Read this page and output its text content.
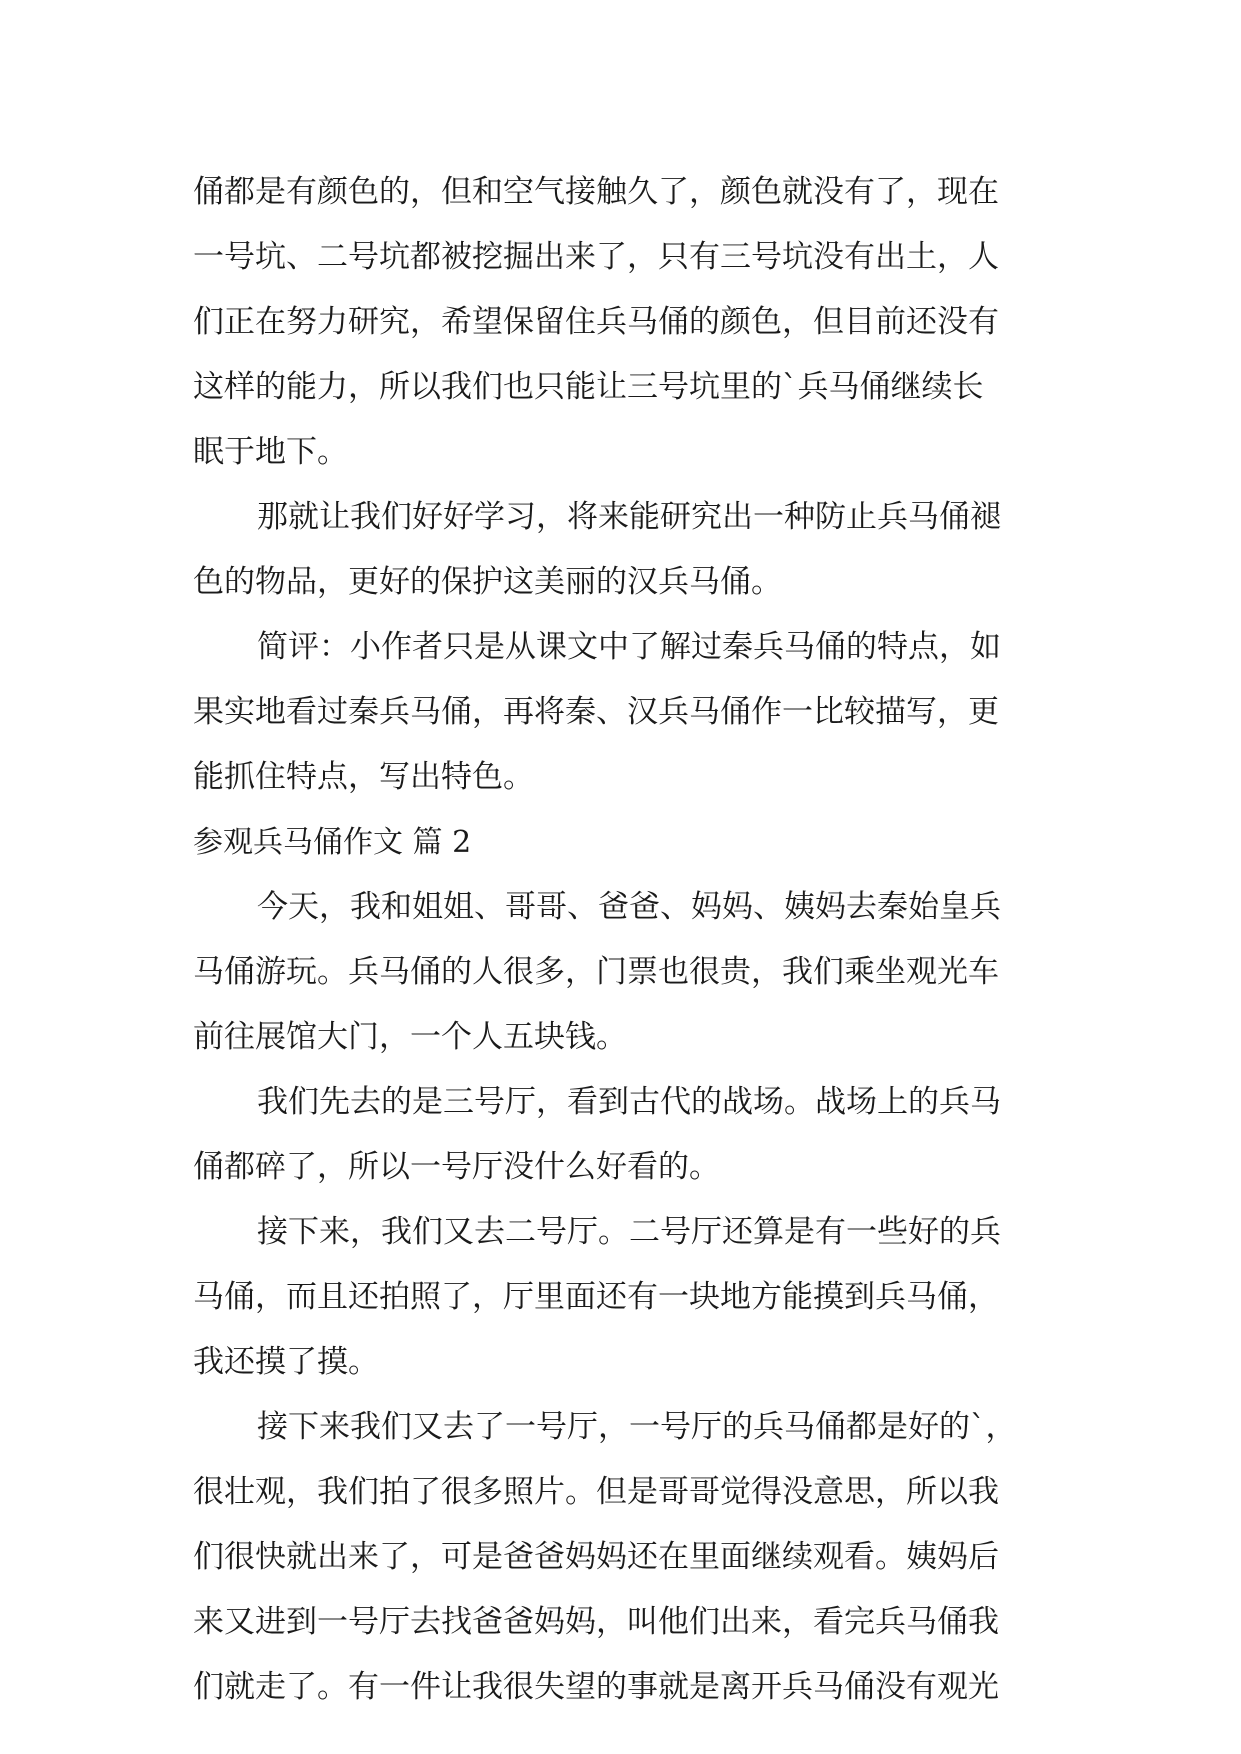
俑都是有颜色的，但和空气接触久了，颜色就没有了，现在
一号坑、二号坑都被挖掘出来了，只有三号坑没有出土，人
们正在努力研究，希望保留住兵马俑的颜色，但目前还没有
这样的能力，所以我们也只能让三号坑里的`兵马俑继续长
眠于地下。
那就让我们好好学习，将来能研究出一种防止兵马俑褪
色的物品，更好的保护这美丽的汉兵马俑。
简评：小作者只是从课文中了解过秦兵马俑的特点，如
果实地看过秦兵马俑，再将秦、汉兵马俑作一比较描写，更
能抓住特点，写出特色。
参观兵马俑作文 篇 2
今天，我和姐姐、哥哥、爸爸、妈妈、姨妈去秦始皇兵
马俑游玩。兵马俑的人很多，门票也很贵，我们乘坐观光车
前往展馆大门，一个人五块钱。
我们先去的是三号厅，看到古代的战场。战场上的兵马
俑都碎了，所以一号厅没什么好看的。
接下来，我们又去二号厅。二号厅还算是有一些好的兵
马俑，而且还拍照了，厅里面还有一块地方能摸到兵马俑，
我还摸了摸。
接下来我们又去了一号厅，一号厅的兵马俑都是好的`，
很壮观，我们拍了很多照片。但是哥哥觉得没意思，所以我
们很快就出来了，可是爸爸妈妈还在里面继续观看。姨妈后
来又进到一号厅去找爸爸妈妈，叫他们出来，看完兵马俑我
们就走了。有一件让我很失望的事就是离开兵马俑没有观光
